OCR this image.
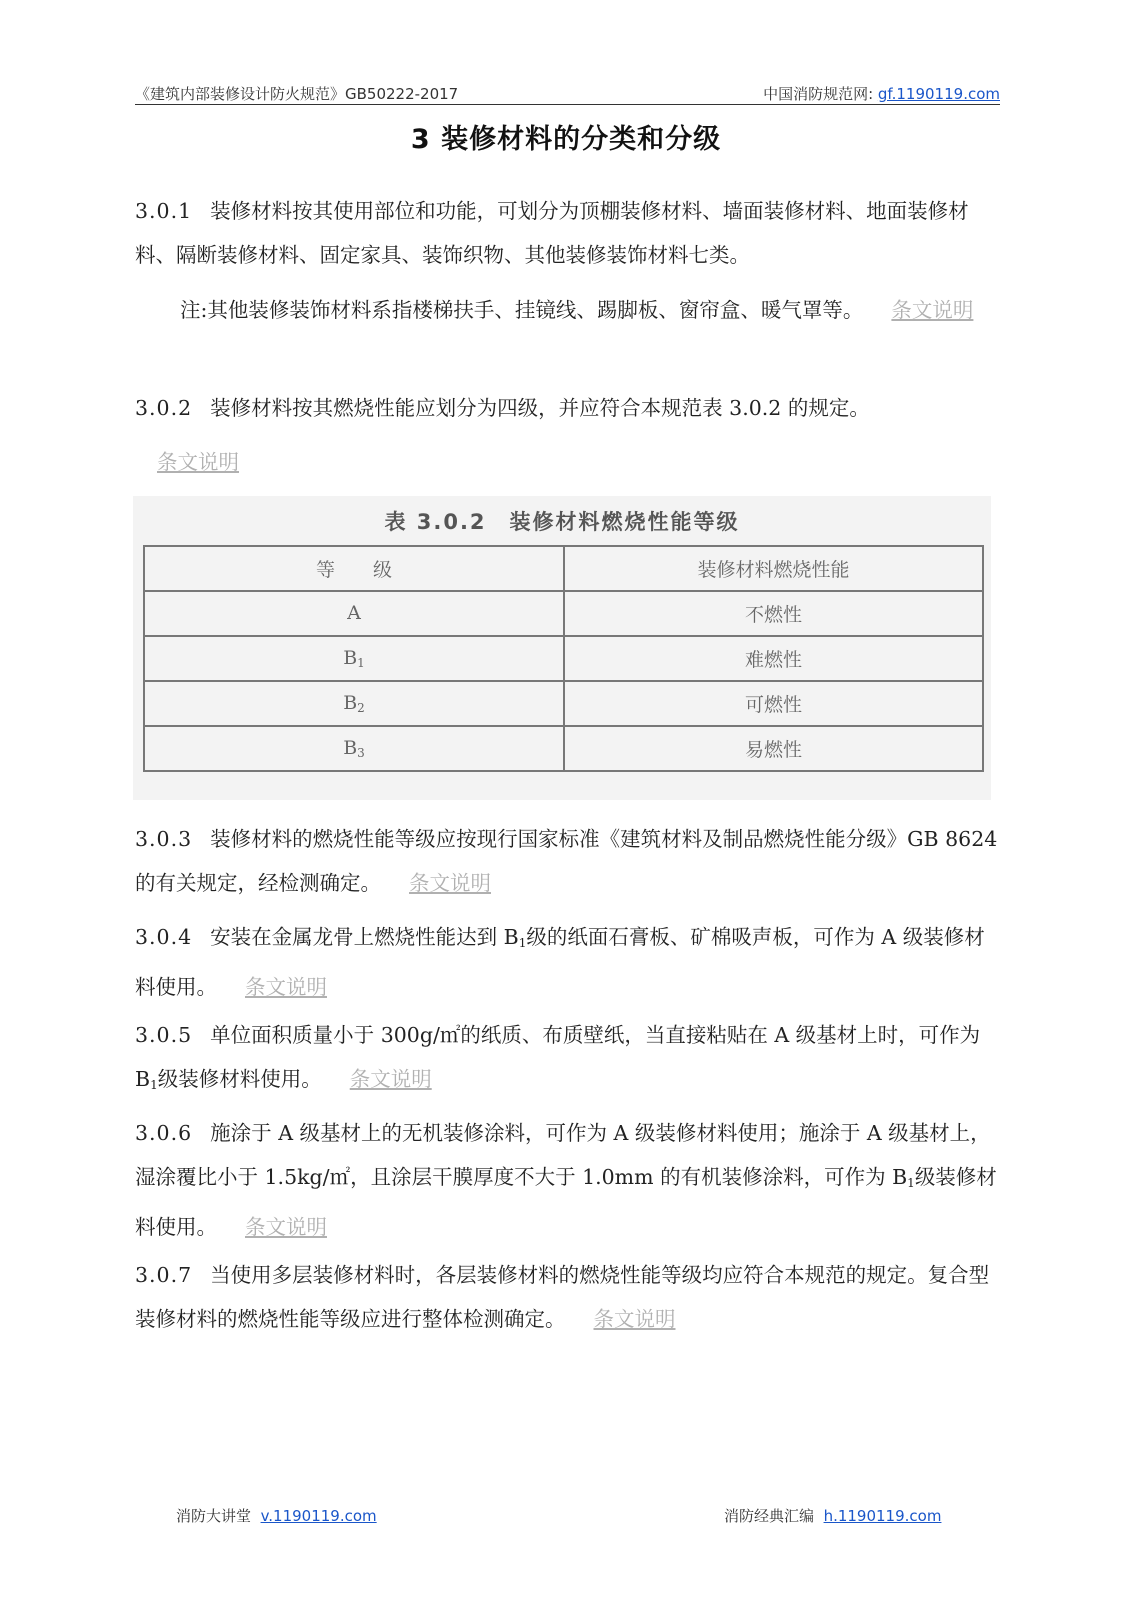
《建筑内部装修设计防火规范》GB50222-2017	中国消防规范网: gf.1190119.com
3 装修材料的分类和分级

3.0.1 装修材料按其使用部位和功能，可划分为顶棚装修材料、墙面装修材料、地面装修材料、隔断装修材料、固定家具、装饰织物、其他装修装饰材料七类。

注:其他装修装饰材料系指楼梯扶手、挂镜线、踢脚板、窗帘盒、暖气罩等。 条文说明

3.0.2 装修材料按其燃烧性能应划分为四级，并应符合本规范表 3.0.2 的规定。

条文说明

表 3.0.2　装修材料燃烧性能等级
等　　级	装修材料燃烧性能
A	不燃性
$B_1$	难燃性
$B_2$	可燃性
$B_3$	易燃性

3.0.3 装修材料的燃烧性能等级应按现行国家标准《建筑材料及制品燃烧性能分级》GB 8624 的有关规定，经检测确定。 条文说明

3.0.4 安装在金属龙骨上燃烧性能达到 $B_1$级的纸面石膏板、矿棉吸声板，可作为 A 级装修材料使用。 条文说明

3.0.5 单位面积质量小于 300g/㎡的纸质、布质壁纸，当直接粘贴在 A 级基材上时，可作为 $B_1$级装修材料使用。 条文说明

3.0.6 施涂于 A 级基材上的无机装修涂料，可作为 A 级装修材料使用；施涂于 A 级基材上，湿涂覆比小于 1.5kg/㎡，且涂层干膜厚度不大于 1.0mm 的有机装修涂料，可作为 $B_1$级装修材料使用。 条文说明

3.0.7 当使用多层装修材料时，各层装修材料的燃烧性能等级均应符合本规范的规定。复合型装修材料的燃烧性能等级应进行整体检测确定。 条文说明

消防大讲堂 v.1190119.com	消防经典汇编 h.1190119.com
